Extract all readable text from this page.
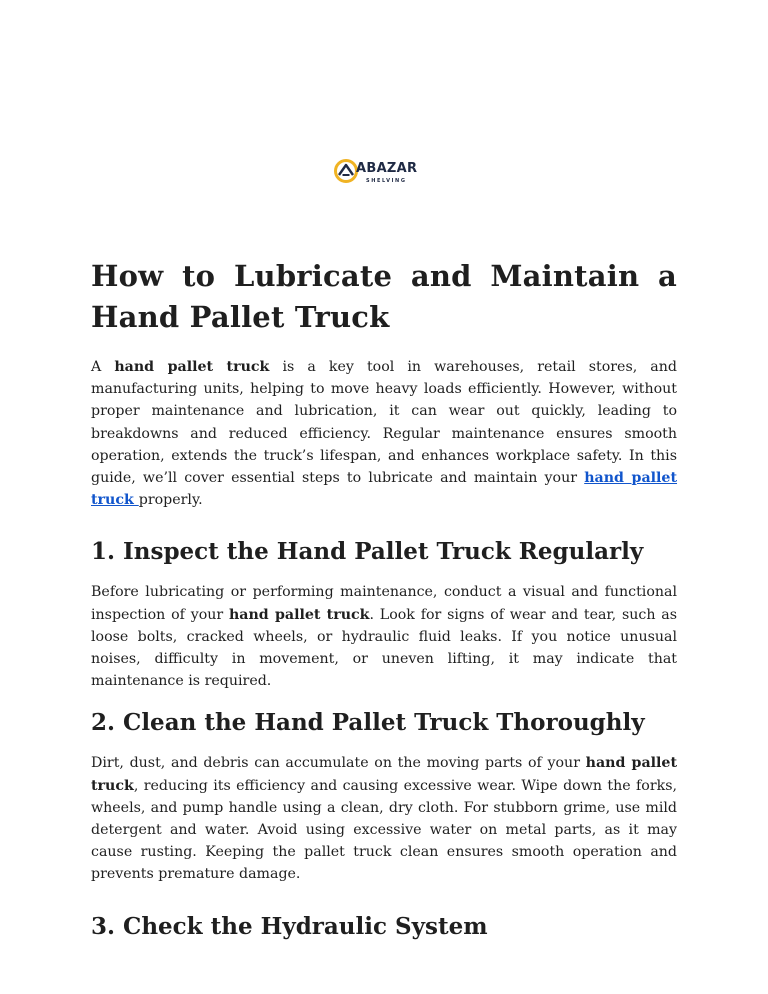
ABAZAR
SHELVING
How to Lubricate and Maintain a Hand Pallet Truck

A hand pallet truck is a key tool in warehouses, retail stores, and manufacturing units, helping to move heavy loads efficiently. However, without proper maintenance and lubrication, it can wear out quickly, leading to breakdowns and reduced efficiency. Regular maintenance ensures smooth operation, extends the truck’s lifespan, and enhances workplace safety. In this guide, we’ll cover essential steps to lubricate and maintain your hand pallet truck properly.

1. Inspect the Hand Pallet Truck Regularly

Before lubricating or performing maintenance, conduct a visual and functional inspection of your hand pallet truck. Look for signs of wear and tear, such as loose bolts, cracked wheels, or hydraulic fluid leaks. If you notice unusual noises, difficulty in movement, or uneven lifting, it may indicate that maintenance is required.

2. Clean the Hand Pallet Truck Thoroughly

Dirt, dust, and debris can accumulate on the moving parts of your hand pallet truck, reducing its efficiency and causing excessive wear. Wipe down the forks, wheels, and pump handle using a clean, dry cloth. For stubborn grime, use mild detergent and water. Avoid using excessive water on metal parts, as it may cause rusting. Keeping the pallet truck clean ensures smooth operation and prevents premature damage.

3. Check the Hydraulic System
